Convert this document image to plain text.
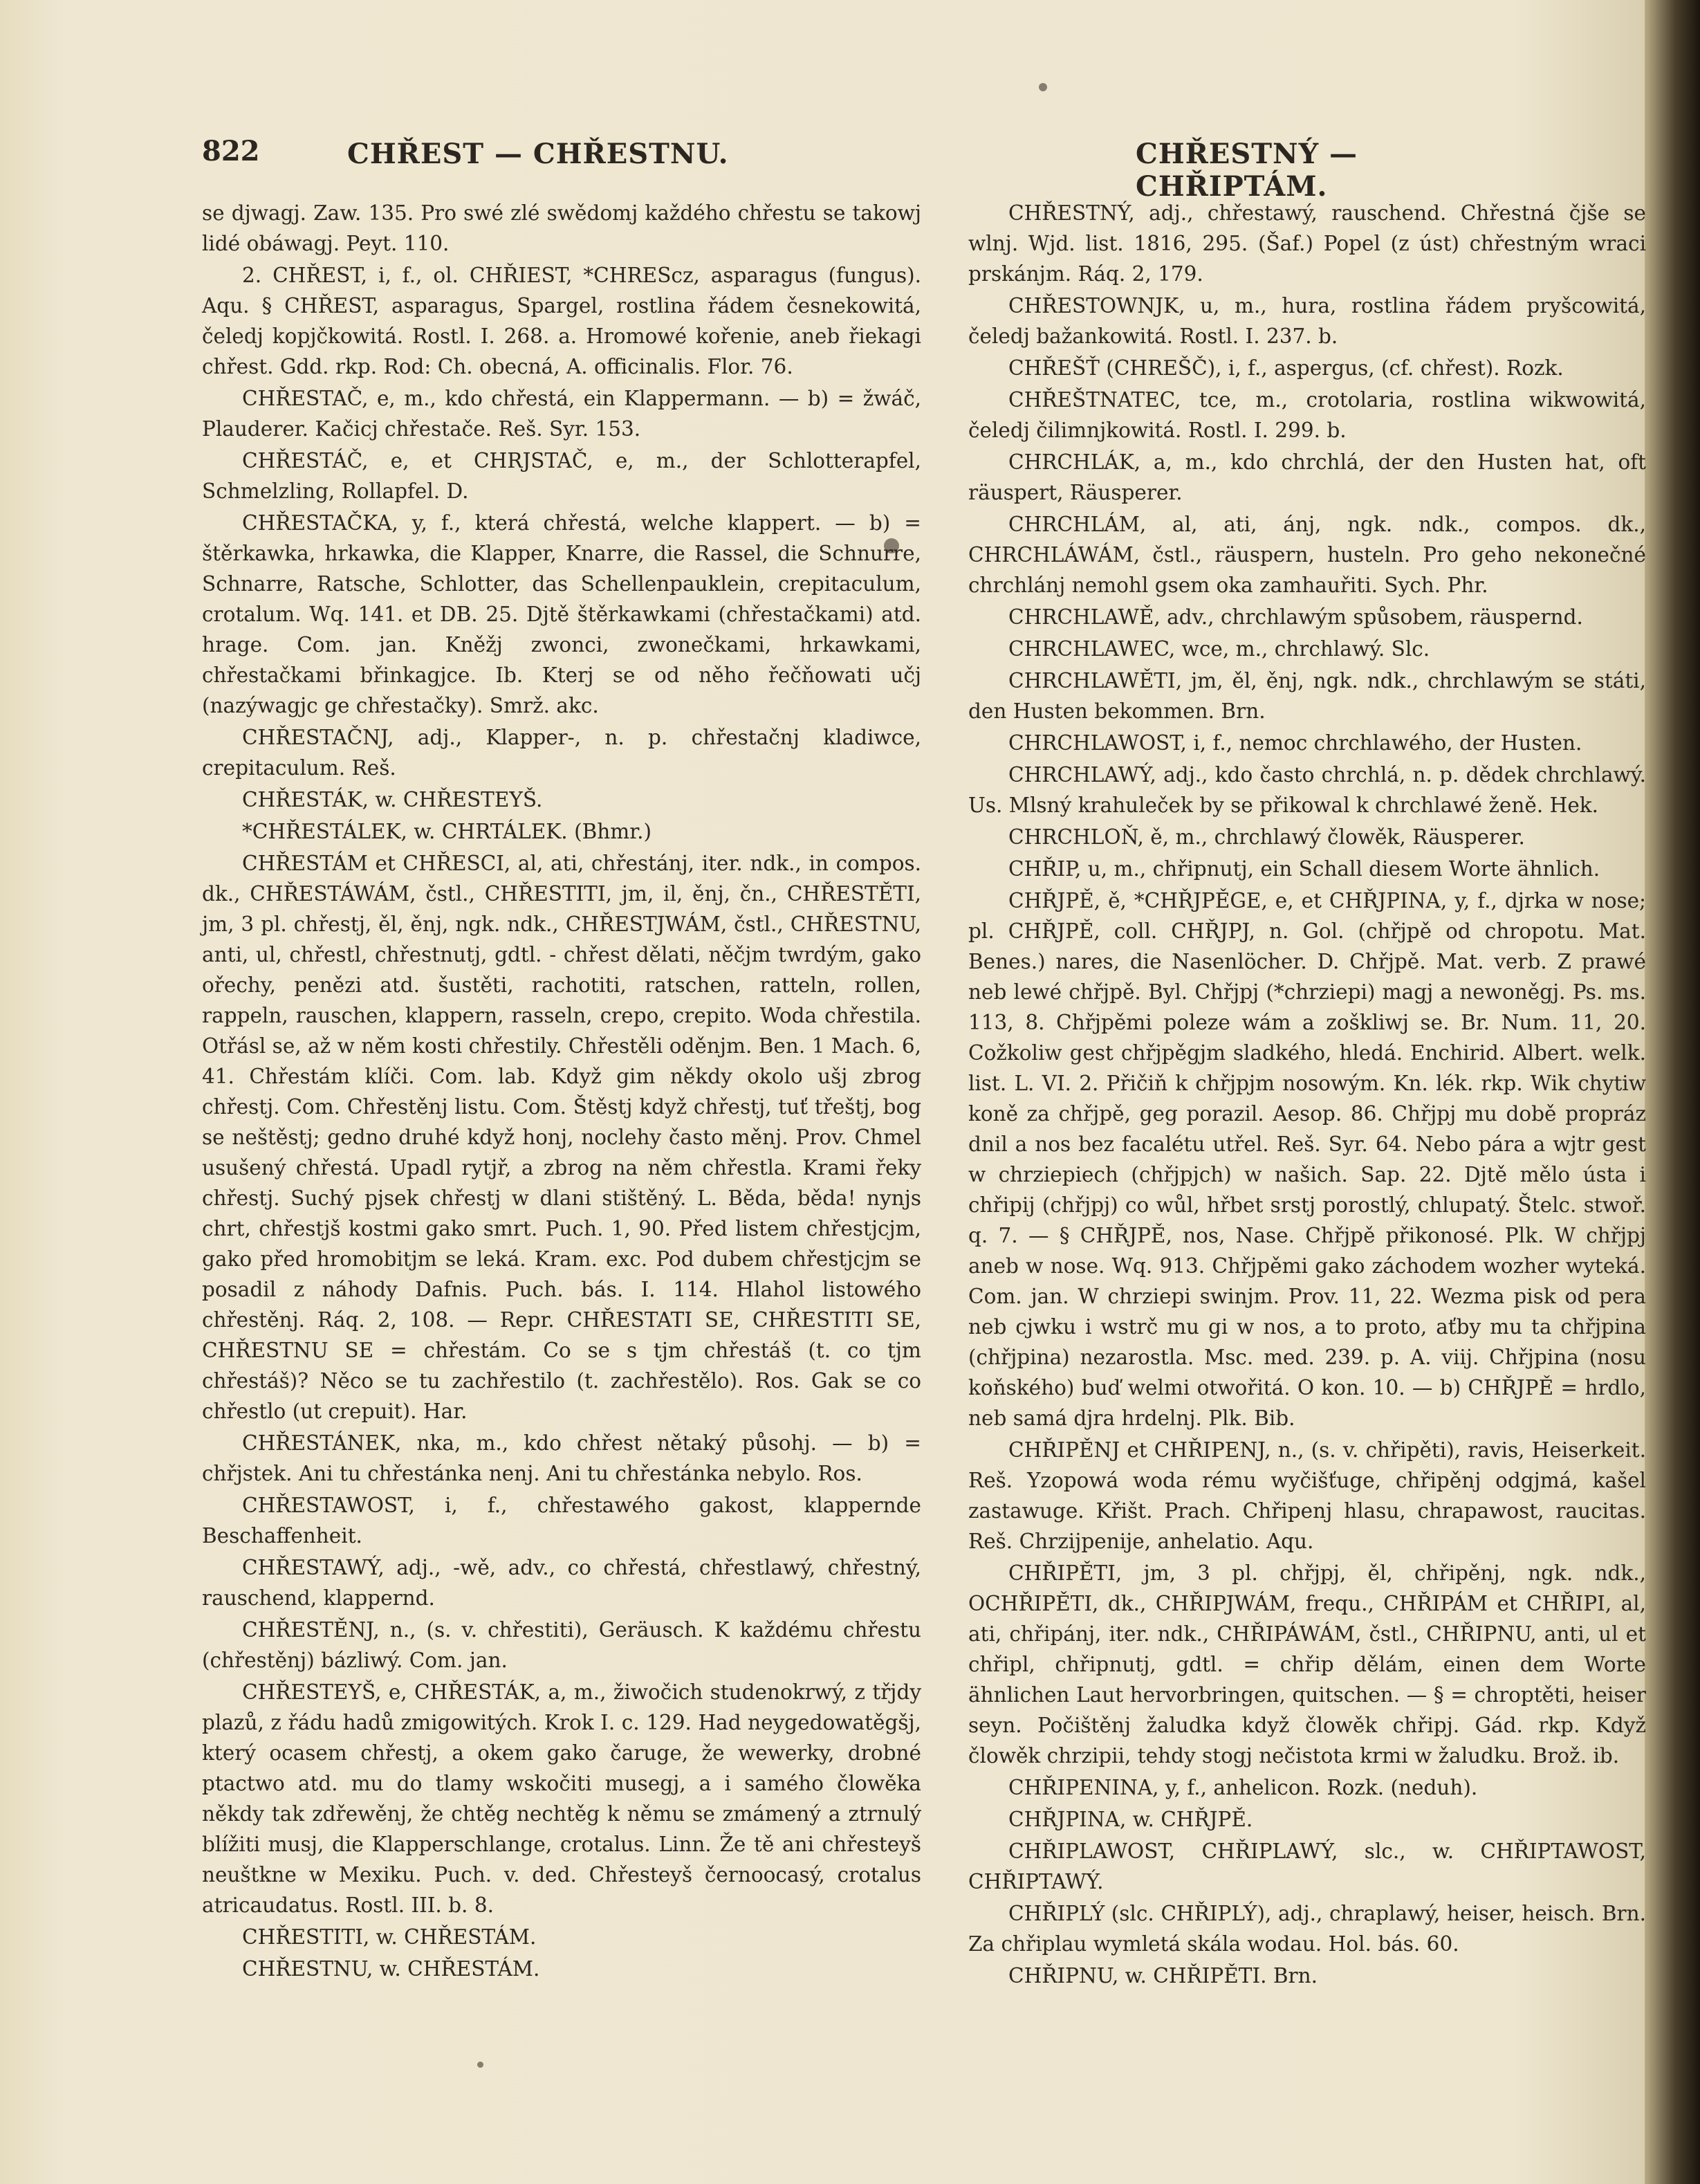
822	CHŘEST — CHŘESTNU.	CHŘESTNÝ — CHŘIPTÁM.

se djwagj. Zaw. 135. Pro swé zlé swědomj každého chřestu se takowj lidé obáwagj. Peyt. 110.

2. CHŘEST, i, f., ol. CHŘIEST, *CHREScz, asparagus (fungus). Aqu. § CHŘEST, asparagus, Spargel, rostlina řádem česnekowitá, čeledj kopjčkowitá. Rostl. I. 268. a. Hromowé kořenie, aneb řiekagi chřest. Gdd. rkp. Rod: Ch. obecná, A. officinalis. Flor. 76.

CHŘESTAČ, e, m., kdo chřestá, ein Klappermann. — b) = žwáč, Plauderer. Kačicj chřestače. Reš. Syr. 153.

CHŘESTÁČ, e, et CHRJSTAČ, e, m., der Schlotterapfel, Schmelzling, Rollapfel. D.

CHŘESTAČKA, y, f., která chřestá, welche klappert. — b) = štěrkawka, hrkawka, die Klapper, Knarre, die Rassel, die Schnurre, Schnarre, Ratsche, Schlotter, das Schellenpauklein, crepitaculum, crotalum. Wq. 141. et DB. 25. Djtě štěrkawkami (chřestačkami) atd. hrage. Com. jan. Kněžj zwonci, zwonečkami, hrkawkami, chřestačkami břinkagjce. Ib. Kterj se od něho řečňowati učj (nazýwagjc ge chřestačky). Smrž. akc.

CHŘESTAČNJ, adj., Klapper-, n. p. chřestačnj kladiwce, crepitaculum. Reš.

CHŘESTÁK, w. CHŘESTEYŠ.

*CHŘESTÁLEK, w. CHRTÁLEK. (Bhmr.)

CHŘESTÁM et CHŘESCI, al, ati, chřestánj, iter. ndk., in compos. dk., CHŘESTÁWÁM, čstl., CHŘESTITI, jm, il, ěnj, čn., CHŘESTĚTI, jm, 3 pl. chřestj, ěl, ěnj, ngk. ndk., CHŘESTJWÁM, čstl., CHŘESTNU, anti, ul, chřestl, chřestnutj, gdtl. ‑ chřest dělati, něčjm twrdým, gako ořechy, penězi atd. šustěti, rachotiti, ratschen, ratteln, rollen, rappeln, rauschen, klappern, rasseln, crepo, crepito. Woda chřestila. Otřásl se, až w něm kosti chřestily. Chřestěli oděnjm. Ben. 1 Mach. 6, 41. Chřestám klíči. Com. lab. Když gim někdy okolo ušj zbrog chřestj. Com. Chřestěnj listu. Com. Štěstj když chřestj, tuť třeštj, bog se neštěstj; gedno druhé když honj, noclehy často měnj. Prov. Chmel usušený chřestá. Upadl rytjř, a zbrog na něm chřestla. Krami řeky chřestj. Suchý pjsek chřestj w dlani stištěný. L. Běda, běda! nynjs chrt, chřestjš kostmi gako smrt. Puch. 1, 90. Před listem chřestjcjm, gako před hromobitjm se leká. Kram. exc. Pod dubem chřestjcjm se posadil z náhody Dafnis. Puch. bás. I. 114. Hlahol listowého chřestěnj. Ráq. 2, 108. — Repr. CHŘESTATI SE, CHŘESTITI SE, CHŘESTNU SE = chřestám. Co se s tjm chřestáš (t. co tjm chřestáš)? Něco se tu zachřestilo (t. zachřestělo). Ros. Gak se co chřestlo (ut crepuit). Har.

CHŘESTÁNEK, nka, m., kdo chřest nětaký půsohj. — b) = chřjstek. Ani tu chřestánka nenj. Ani tu chřestánka nebylo. Ros.

CHŘESTAWOST, i, f., chřestawého gakost, klappernde Beschaffenheit.

CHŘESTAWÝ, adj., -wě, adv., co chřestá, chřestlawý, chřestný, rauschend, klappernd.

CHŘESTĚNJ, n., (s. v. chřestiti), Geräusch. K každému chřestu (chřestěnj) bázliwý. Com. jan.

CHŘESTEYŠ, e, CHŘESTÁK, a, m., žiwočich studenokrwý, z třjdy plazů, z řádu hadů zmigowitých. Krok I. c. 129. Had neygedowatěgšj, který ocasem chřestj, a okem gako čaruge, že wewerky, drobné ptactwo atd. mu do tlamy wskočiti musegj, a i samého člowěka někdy tak zdřewěnj, že chtěg nechtěg k němu se zmámený a ztrnulý blížiti musj, die Klapperschlange, crotalus. Linn. Že tě ani chřesteyš neuštkne w Mexiku. Puch. v. ded. Chřesteyš černoocasý, crotalus atricaudatus. Rostl. III. b. 8.

CHŘESTITI, w. CHŘESTÁM.

CHŘESTNU, w. CHŘESTÁM.

CHŘESTNÝ, adj., chřestawý, rauschend. Chřestná čjše se wlnj. Wjd. list. 1816, 295. (Šaf.) Popel (z úst) chřestným wraci prskánjm. Ráq. 2, 179.

CHŘESTOWNJK, u, m., hura, rostlina řádem pryšcowitá, čeledj bažankowitá. Rostl. I. 237. b.

CHŘEŠŤ (CHREŠČ), i, f., aspergus, (cf. chřest). Rozk.

CHŘEŠTNATEC, tce, m., crotolaria, rostlina wikwowitá, čeledj čilimnjkowitá. Rostl. I. 299. b.

CHRCHLÁK, a, m., kdo chrchlá, der den Husten hat, oft räuspert, Räusperer.

CHRCHLÁM, al, ati, ánj, ngk. ndk., compos. dk., CHRCHLÁWÁM, čstl., räuspern, husteln. Pro geho nekonečné chrchlánj nemohl gsem oka zamhauřiti. Sych. Phr.

CHRCHLAWĚ, adv., chrchlawým spůsobem, räuspernd.

CHRCHLAWEC, wce, m., chrchlawý. Slc.

CHRCHLAWĚTI, jm, ěl, ěnj, ngk. ndk., chrchlawým se státi, den Husten bekommen. Brn.

CHRCHLAWOST, i, f., nemoc chrchlawého, der Husten.

CHRCHLAWÝ, adj., kdo často chrchlá, n. p. dědek chrchlawý. Us. Mlsný krahuleček by se přikowal k chrchlawé ženě. Hek.

CHRCHLOŇ, ě, m., chrchlawý člowěk, Räusperer.

CHŘIP, u, m., chřipnutj, ein Schall diesem Worte ähnlich.

CHŘJPĚ, ě, *CHŘJPĚGE, e, et CHŘJPINA, y, f., djrka w nose; pl. CHŘJPĚ, coll. CHŘJPJ, n. Gol. (chřjpě od chropotu. Mat. Benes.) nares, die Nasenlöcher. D. Chřjpě. Mat. verb. Z prawé neb lewé chřjpě. Byl. Chřjpj (*chrziepi) magj a newoněgj. Ps. ms. 113, 8. Chřjpěmi poleze wám a zoškliwj se. Br. Num. 11, 20. Cožkoliw gest chřjpěgjm sladkého, hledá. Enchirid. Albert. welk. list. L. VI. 2. Přičiň k chřjpjm nosowým. Kn. lék. rkp. Wik chytiw koně za chřjpě, geg porazil. Aesop. 86. Chřjpj mu době propráz dnil a nos bez facalétu utřel. Reš. Syr. 64. Nebo pára a wjtr gest w chrziepiech (chřjpjch) w našich. Sap. 22. Djtě mělo ústa i chřipij (chřjpj) co wůl, hřbet srstj porostlý, chlupatý. Štelc. stwoř. q. 7. — § CHŘJPĚ, nos, Nase. Chřjpě přikonosé. Plk. W chřjpj aneb w nose. Wq. 913. Chřjpěmi gako záchodem wozher wyteká. Com. jan. W chrziepi swinjm. Prov. 11, 22. Wezma pisk od pera neb cjwku i wstrč mu gi w nos, a to proto, aťby mu ta chřjpina (chřjpina) nezarostla. Msc. med. 239. p. A. viij. Chřjpina (nosu koňského) buď welmi otwořitá. O kon. 10. — b) CHŘJPĚ = hrdlo, neb samá djra hrdelnj. Plk. Bib.

CHŘIPĚNJ et CHŘIPENJ, n., (s. v. chřipěti), ravis, Heiserkeit. Reš. Yzopowá woda rému wyčišťuge, chřipěnj odgjmá, kašel zastawuge. Křišt. Prach. Chřipenj hlasu, chrapawost, raucitas. Reš. Chrzijpenije, anhelatio. Aqu.

CHŘIPĚTI, jm, 3 pl. chřjpj, ěl, chřipěnj, ngk. ndk., OCHŘIPĚTI, dk., CHŘIPJWÁM, frequ., CHŘIPÁM et CHŘIPI, al, ati, chřipánj, iter. ndk., CHŘIPÁWÁM, čstl., CHŘIPNU, anti, ul et chřipl, chřipnutj, gdtl. = chřip dělám, einen dem Worte ähnlichen Laut hervorbringen, quitschen. — § = chroptěti, heiser seyn. Počištěnj žaludka když člowěk chřipj. Gád. rkp. Když člowěk chrzipii, tehdy stogj nečistota krmi w žaludku. Brož. ib.

CHŘIPENINA, y, f., anhelicon. Rozk. (neduh).

CHŘJPINA, w. CHŘJPĚ.

CHŘIPLAWOST, CHŘIPLAWÝ, slc., w. CHŘIPTAWOST, CHŘIPTAWÝ.

CHŘIPLÝ (slc. CHŘIPLÝ), adj., chraplawý, heiser, heisch. Brn. Za chřiplau wymletá skála wodau. Hol. bás. 60.

CHŘIPNU, w. CHŘIPĚTI. Brn.
